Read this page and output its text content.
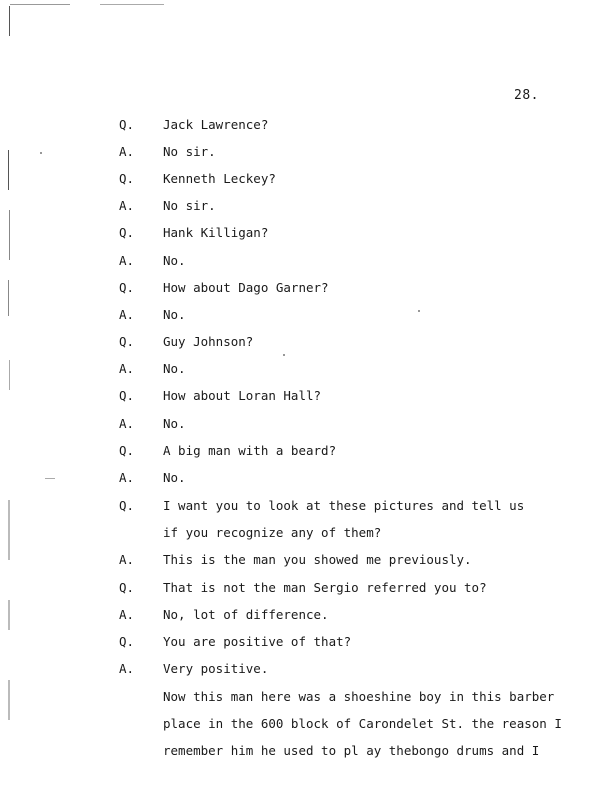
28.
Q. Jack Lawrence?
A. No sir.
Q. Kenneth Leckey?
A. No sir.
Q. Hank Killigan?
A. No.
Q. How about Dago Garner?
A. No.
Q. Guy Johnson?
A. No.
Q. How about Loran Hall?
A. No.
Q. A big man with a beard?
A. No.
Q. I want you to look at these pictures and tell us
if you recognize any of them?
A. This is the man you showed me previously.
Q. That is not the man Sergio referred you to?
A. No, lot of difference.
Q. You are positive of that?
A. Very positive.
Now this man here was a shoeshine boy in this barber
place in the 600 block of Carondelet St. the reason I
remember him he used to pl ay thebongo drums and I
